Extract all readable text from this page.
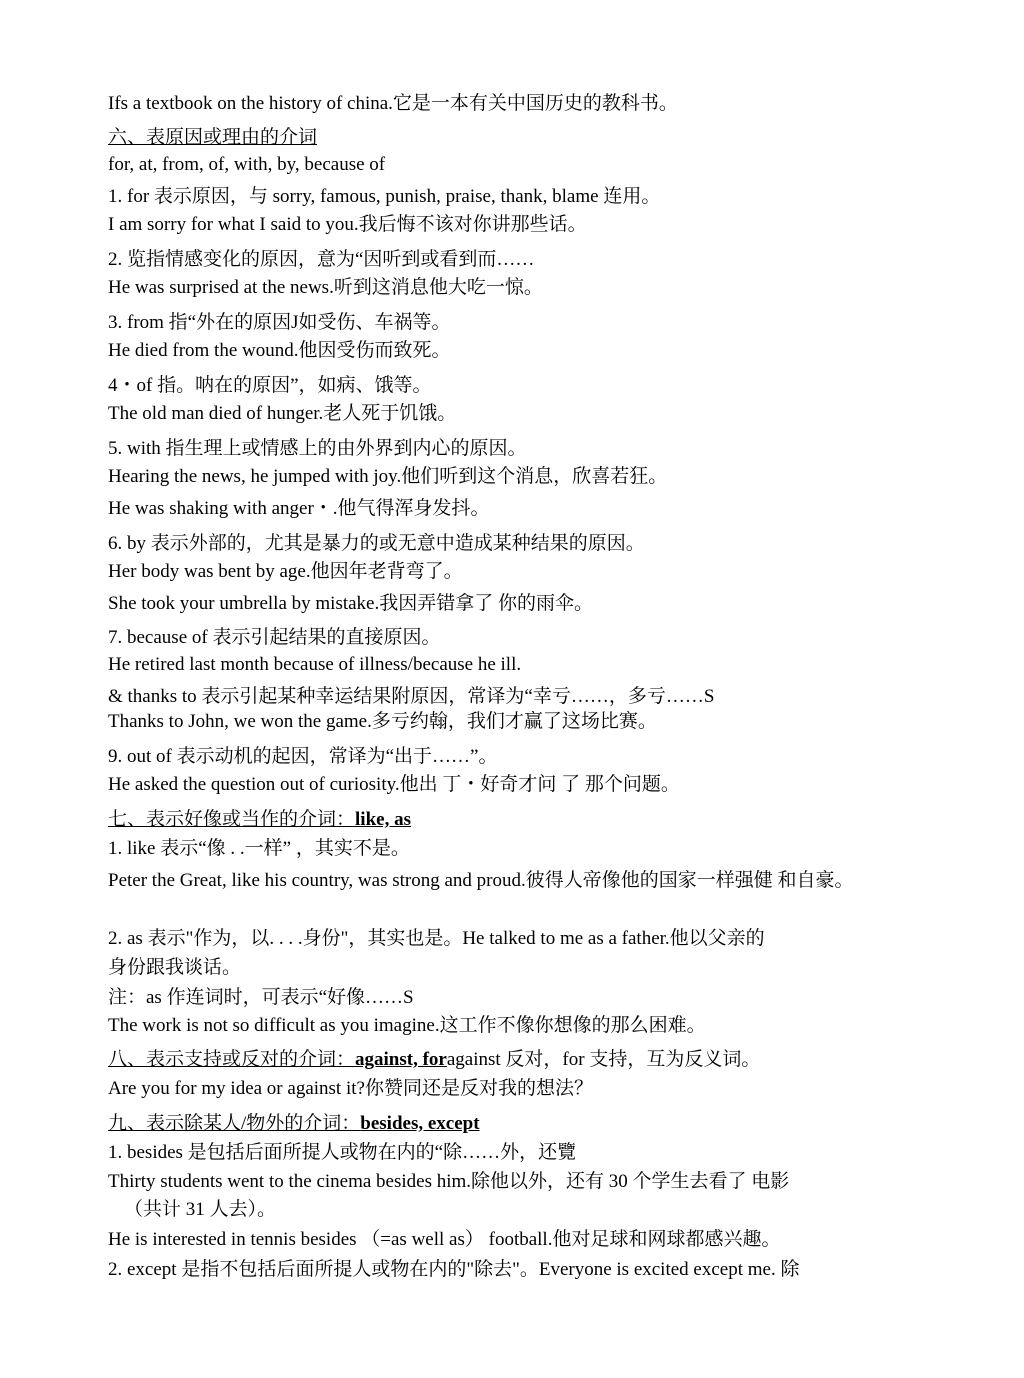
Ifs a textbook on the history of china.它是一本有关中国历史的教科书。
六、表原因或理由的介词
for, at, from, of, with, by, because of
1. for 表示原因，与 sorry, famous, punish, praise, thank, blame 连用。
I am sorry for what I said to you.我后悔不该对你讲那些话。
2. 览指情感变化的原因，意为“因听到或看到而……
He was surprised at the news.听到这消息他大吃一惊。
3. from 指“外在的原因J如受伤、车祸等。
He died from the wound.他因受伤而致死。
4・of 指。呐在的原因”，如病、饿等。
The old man died of hunger.老人死于饥饿。
5. with 指生理上或情感上的由外界到内心的原因。
Hearing the news, he jumped with joy.他们听到这个消息，欣喜若狂。
He was shaking with anger・.他气得浑身发抖。
6. by 表示外部的，尤其是暴力的或无意中造成某种结果的原因。
Her body was bent by age.他因年老背弯了。
She took your umbrella by mistake.我因弄错拿了 你的雨伞。
7. because of 表示引起结果的直接原因。
He retired last month because of illness/because he ill.
& thanks to 表示引起某种幸运结果附原因，常译为“幸亏……，多亏……S
Thanks to John, we won the game.多亏约翰，我们才赢了这场比赛。
9. out of 表示动机的起因，常译为“出于……”。
He asked the question out of curiosity.他出 丁・好奇才问 了 那个问题。
七、表示好像或当作的介词：like, as
1. like 表示“像 . .一样” ，其实不是。
Peter the Great, like his country, was strong and proud.彼得人帝像他的国家一样强健 和自豪。
2. as 表示"作为，以. . . .身份"，其实也是。He talked to me as a father.他以父亲的
身份跟我谈话。
注：as 作连词时，可表示“好像……S
The work is not so difficult as you imagine.这工作不像你想像的那么困难。
八、表示支持或反对的介词：against, foragainst 反对，for 支持，互为反义词。
Are you for my idea or against it?你赞同还是反对我的想法？
九、表示除某人/物外的介词：besides, except
1. besides 是包括后面所提人或物在内的“除……外，还覽
Thirty students went to the cinema besides him.除他以外，还有 30 个学生去看了 电影
（共计 31 人去）。
He is interested in tennis besides （=as well as） football.他对足球和网球都感兴趣。
2. except 是指不包括后面所提人或物在内的"除去"。Everyone is excited except me. 除
